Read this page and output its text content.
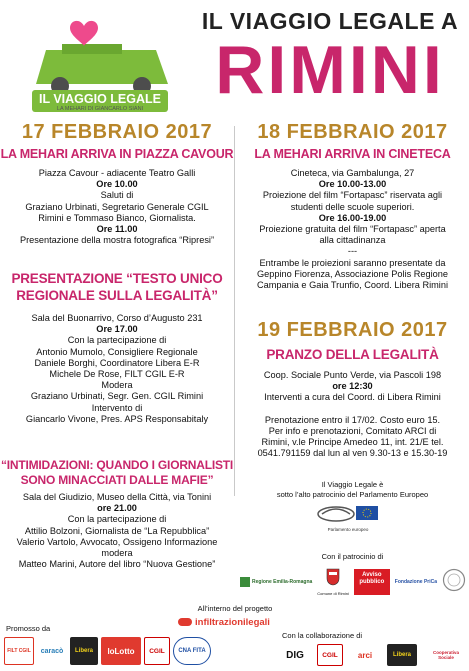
IL VIAGGIO LEGALE
LA MEHARI DI GIANCARLO SIANI
IL VIAGGIO LEGALE A
RIMINI
17 FEBBRAIO 2017
LA MEHARI ARRIVA IN PIAZZA CAVOUR
Piazza Cavour - adiacente Teatro Galli
Ore 10.00
Saluti di
Graziano Urbinati, Segretario Generale CGIL
Rimini e Tommaso Bianco, Giornalista.
Ore 11.00
Presentazione della mostra fotografica “Ripresi”
PRESENTAZIONE “TESTO UNICO
REGIONALE SULLA LEGALITÀ”
Sala del Buonarrivo, Corso d’Augusto 231
Ore 17.00
Con la partecipazione di
Antonio Mumolo, Consigliere Regionale
Daniele Borghi, Coordinatore Libera E-R
Michele De Rose, FILT CGIL E-R
Modera
Graziano Urbinati, Segr. Gen. CGIL Rimini
Intervento di
Giancarlo Vivone, Pres. APS Responsabitaly
“INTIMIDAZIONI: QUANDO I GIORNALISTI
SONO MINACCIATI DALLE MAFIE”
Sala del Giudizio, Museo della Città, via Tonini
ore 21.00
Con la partecipazione di
Attilio Bolzoni, Giornalista de “La Repubblica”
Valerio Vartolo, Avvocato, Ossigeno Informazione
modera
Matteo Marini, Autore del libro “Nuova Gestione”
18 FEBBRAIO 2017
LA MEHARI ARRIVA IN CINETECA
Cineteca, via Gambalunga, 27
Ore 10.00-13.00
Proiezione del film “Fortapasc” riservata agli
studenti delle scuole superiori.
Ore 16.00-19.00
Proiezione gratuita del film “Fortapasc” aperta
alla cittadinanza
---
Entrambe le proiezioni saranno presentate da
Geppino Fiorenza, Associazione Polis Regione
Campania e Gaia Trunfio, Coord. Libera Rimini
19 FEBBRAIO 2017
PRANZO DELLA LEGALITÀ
Coop. Sociale Punto Verde, via Pascoli 198
ore 12:30
Interventi a cura del Coord. di Libera Rimini
Prenotazione entro il 17/02. Costo euro 15.
Per info e prenotazioni, Comitato ARCI di
Rimini, v.le Principe Amedeo 11, int. 21/E tel.
0541.791159 dal lun al ven 9.30-13 e 15.30-19
Il Viaggio Legale è
sotto l’alto patrocinio del Parlamento Europeo
Parlamento europeo
Con il patrocinio di
Regione Emilia-Romagna
Comune di Rimini
Avviso pubblico	Fondazione PriCa
All’interno del progetto
infiltrazionilegali
Promosso da
FILT CGIL	caracò	Libera	loLotto	CGIL	CNA FITA
Con la collaborazione di
DIG	CGIL	arci	Libera	Cooperativa Sociale
